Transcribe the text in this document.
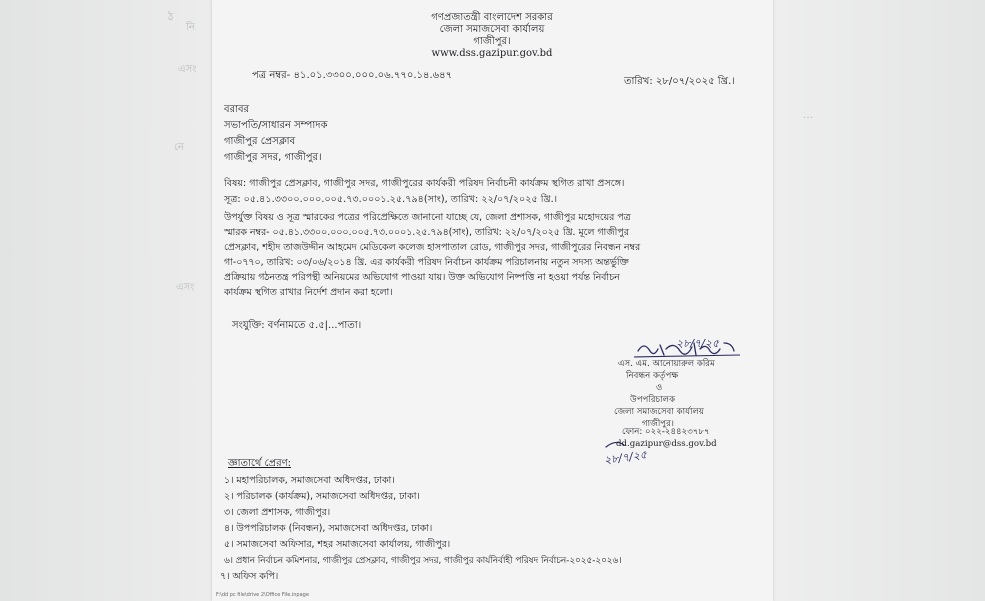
ঠ
নি
এসং
নে
এসং
…
গণপ্রজাতন্ত্রী বাংলাদেশ সরকার
জেলা সমাজসেবা কার্যালয়
গাজীপুর।
www.dss.gazipur.gov.bd
পত্র নম্বর- ৪১.০১.৩৩০০.০০০.০৬.৭৭০.১৪.৬৪৭
তারিখ: ২৮/০৭/২০২৫ খ্রি.।
বরাবর
সভাপতি/সাধারন সম্পাদক
গাজীপুর প্রেসক্লাব
গাজীপুর সদর, গাজীপুর।
বিষয়: গাজীপুর প্রেসক্লাব, গাজীপুর সদর, গাজীপুরের কার্যকরী পরিষদ নির্বাচনী কার্যক্রম স্থগিত রাখা প্রসঙ্গে।
সূত্র: ০৫.৪১.৩৩০০.০০০.০০৫.৭৩.০০০১.২৫.৭৯৪(সাং), তারিখ: ২২/০৭/২০২৫ খ্রি.।
উপর্যুক্ত বিষয় ও সূত্র স্মারকের পত্রের পরিপ্রেক্ষিতে জানানো যাচ্ছে যে, জেলা প্রশাসক, গাজীপুর মহোদয়ের পত্র
স্মারক নম্বর- ০৫.৪১.৩৩০০.০০০.০০৫.৭৩.০০০১.২৫.৭৯৪(সাং), তারিখ: ২২/০৭/২০২৫ খ্রি. মূলে গাজীপুর
প্রেসক্লাব, শহীদ তাজউদ্দীন আহমেদ মেডিকেল কলেজ হাসপাতাল রোড, গাজীপুর সদর, গাজীপুরের নিবন্ধন নম্বর
গা-০৭৭০, তারিখ: ০৩/০৬/২০১৪ খ্রি. এর কার্যকরী পরিষদ নির্বাচন কার্যক্রম পরিচালনায় নতুন সদস্য অন্তর্ভুক্তি
প্রক্রিয়ায় গঠনতন্ত্র পরিপন্থী অনিয়মের অভিযোগ পাওয়া যায়। উক্ত অভিযোগ নিষ্পত্তি না হওয়া পর্যন্ত নির্বাচন
কার্যক্রম স্থগিত রাখার নির্দেশ প্রদান করা হলো।
সংযুক্তি: বর্ণনামতে ৫.৫|...পাতা।
২৮/৭/২৫
এস. এম. আনোয়ারুল করিম
নিবন্ধন কর্তৃপক্ষ
ও
উপপরিচালক
জেলা সমাজসেবা কার্যালয়
গাজীপুর।
ফোন: ০২২-২৪৪২৩৭৮৭
dd.gazipur@dss.gov.bd
২৮/৭/২৫
জ্ঞাতার্থে প্রেরণ:
১। মহাপরিচালক, সমাজসেবা অধিদপ্তর, ঢাকা।
২। পরিচালক (কার্যক্রম), সমাজসেবা অধিদপ্তর, ঢাকা।
৩। জেলা প্রশাসক, গাজীপুর।
৪। উপপরিচালক (নিবন্ধন), সমাজসেবা অধিদপ্তর, ঢাকা।
৫। সমাজসেবা অফিসার, শহর সমাজসেবা কার্যালয়, গাজীপুর।
৬। প্রধান নির্বাচন কমিশনার, গাজীপুর প্রেসক্লাব, গাজীপুর সদর, গাজীপুর কার্যনির্বাহী পরিষদ নির্বাচন-২০২৫-২০২৬।
৭। অফিস কপি।
F:\dd pc file\drive 2\Office File.inpage
